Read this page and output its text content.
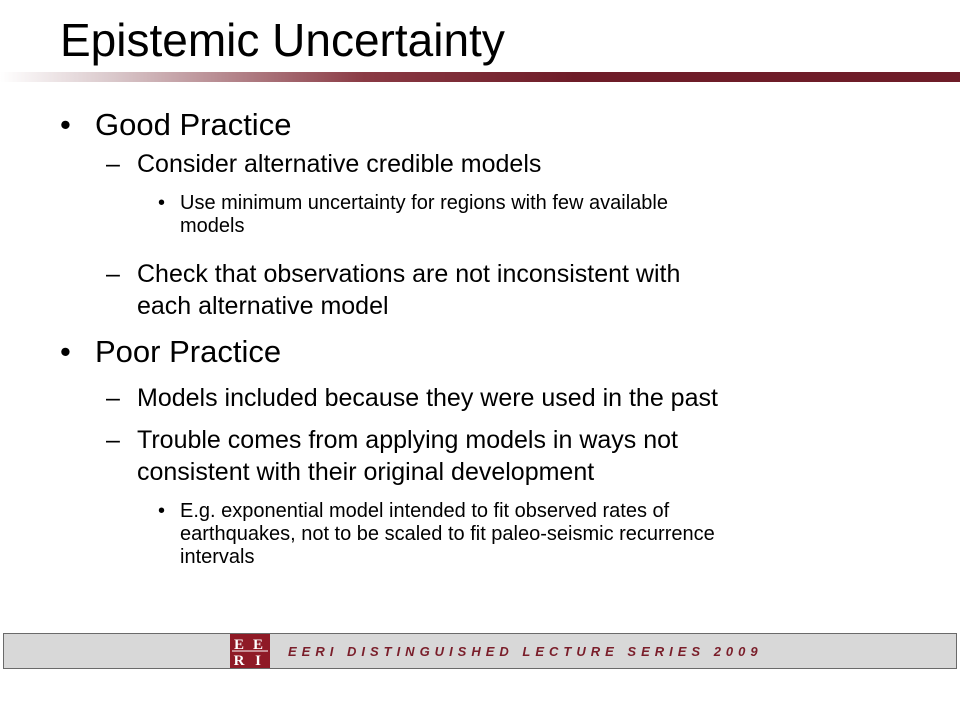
Epistemic Uncertainty
• Good Practice
– Consider alternative credible models
• Use minimum uncertainty for regions with few available
models
– Check that observations are not inconsistent with
each alternative model
• Poor Practice
– Models included because they were used in the past
– Trouble comes from applying models in ways not
consistent with their original development
• E.g. exponential model intended to fit observed rates of
earthquakes, not to be scaled to fit paleo-seismic recurrence
intervals
E E
R I
EERI DISTINGUISHED LECTURE SERIES 2009
